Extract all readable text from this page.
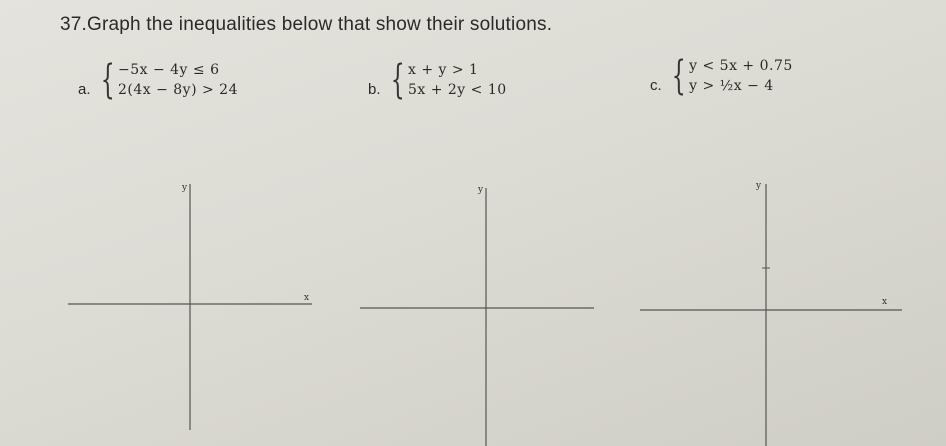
37.Graph the inequalities below that show their solutions.
a. { −5x − 4y ≤ 6
2(4x − 8y) > 24	b. { x + y > 1
5x + 2y < 10	c. { y < 5x + 0.75
y > ½x − 4
x
y	y
x
y
